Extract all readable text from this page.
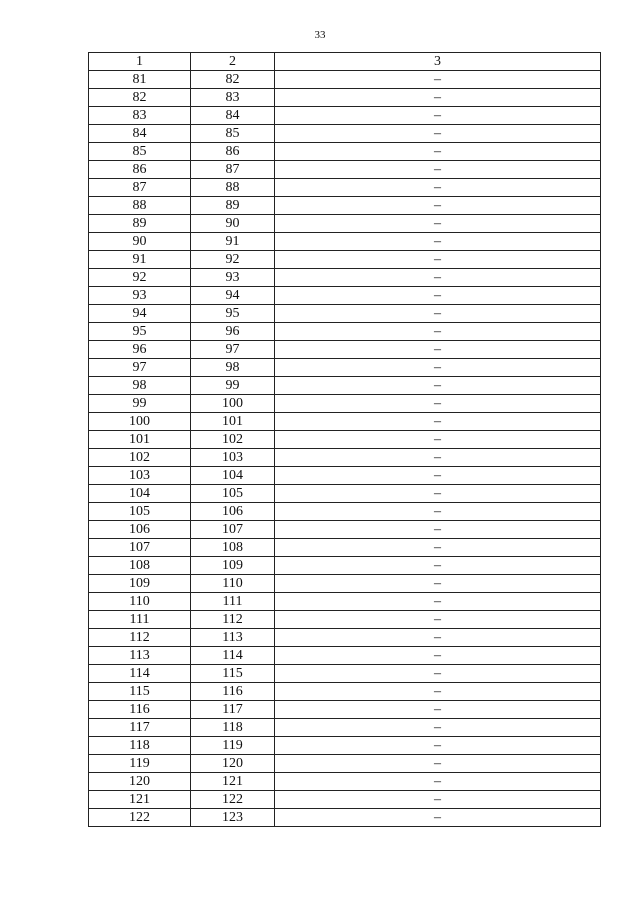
33
1	2	3
81	82	–
82	83	–
83	84	–
84	85	–
85	86	–
86	87	–
87	88	–
88	89	–
89	90	–
90	91	–
91	92	–
92	93	–
93	94	–
94	95	–
95	96	–
96	97	–
97	98	–
98	99	–
99	100	–
100	101	–
101	102	–
102	103	–
103	104	–
104	105	–
105	106	–
106	107	–
107	108	–
108	109	–
109	110	–
110	111	–
111	112	–
112	113	–
113	114	–
114	115	–
115	116	–
116	117	–
117	118	–
118	119	–
119	120	–
120	121	–
121	122	–
122	123	–
